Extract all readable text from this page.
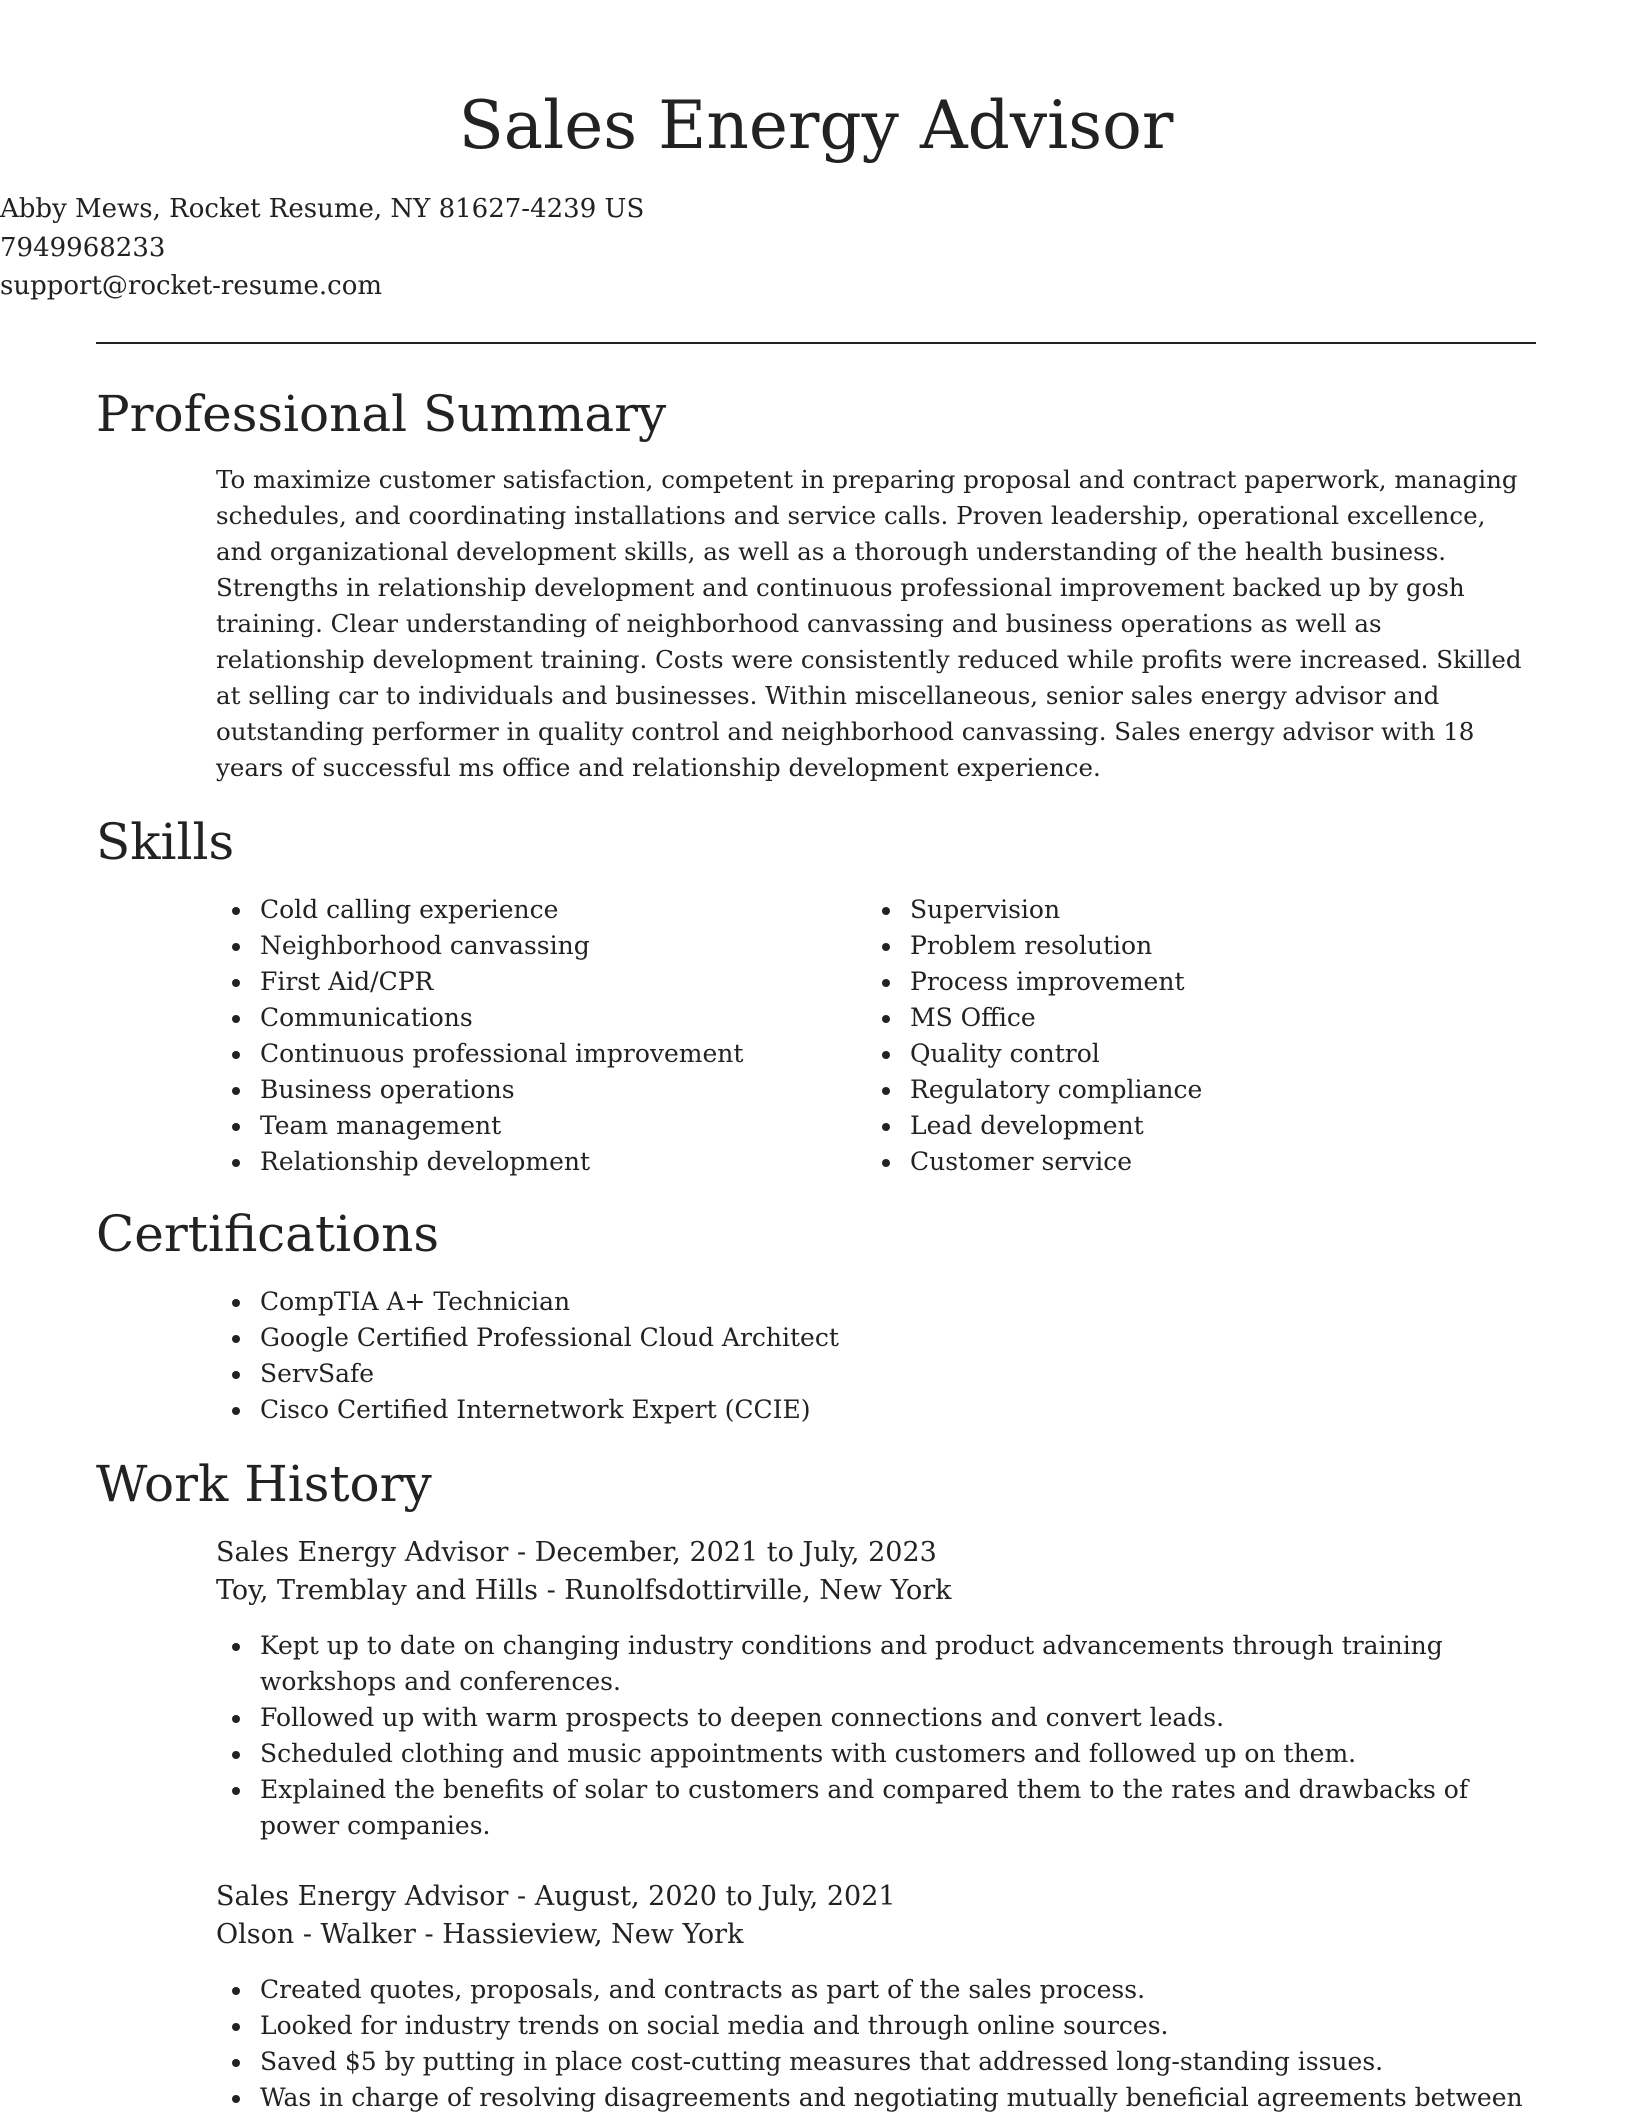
Sales Energy Advisor
Abby Mews, Rocket Resume, NY 81627-4239 US
7949968233
support@rocket-resume.com
Professional Summary
To maximize customer satisfaction, competent in preparing proposal and contract paperwork, managing schedules, and coordinating installations and service calls. Proven leadership, operational excellence, and organizational development skills, as well as a thorough understanding of the health business. Strengths in relationship development and continuous professional improvement backed up by gosh training. Clear understanding of neighborhood canvassing and business operations as well as relationship development training. Costs were consistently reduced while profits were increased. Skilled at selling car to individuals and businesses. Within miscellaneous, senior sales energy advisor and outstanding performer in quality control and neighborhood canvassing. Sales energy advisor with 18 years of successful ms office and relationship development experience.
Skills
Cold calling experience
Neighborhood canvassing
First Aid/CPR
Communications
Continuous professional improvement
Business operations
Team management
Relationship development
Supervision
Problem resolution
Process improvement
MS Office
Quality control
Regulatory compliance
Lead development
Customer service
Certifications
CompTIA A+ Technician
Google Certified Professional Cloud Architect
ServSafe
Cisco Certified Internetwork Expert (CCIE)
Work History
Sales Energy Advisor - December, 2021 to July, 2023
Toy, Tremblay and Hills - Runolfsdottirville, New York
Kept up to date on changing industry conditions and product advancements through training workshops and conferences.
Followed up with warm prospects to deepen connections and convert leads.
Scheduled clothing and music appointments with customers and followed up on them.
Explained the benefits of solar to customers and compared them to the rates and drawbacks of power companies.
Sales Energy Advisor - August, 2020 to July, 2021
Olson - Walker - Hassieview, New York
Created quotes, proposals, and contracts as part of the sales process.
Looked for industry trends on social media and through online sources.
Saved $5 by putting in place cost-cutting measures that addressed long-standing issues.
Was in charge of resolving disagreements and negotiating mutually beneficial agreements between
